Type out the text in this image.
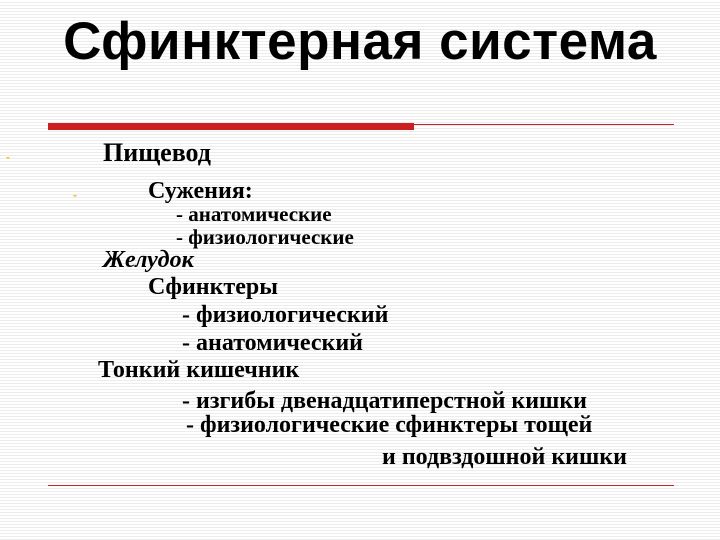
Сфинктерная система
-
-
Пищевод
Сужения:
- анатомические
- физиологические
Желудок
Сфинктеры
- физиологический
- анатомический
Тонкий кишечник
- изгибы двенадцатиперстной кишки
- физиологические сфинктеры тощей
и подвздошной кишки
